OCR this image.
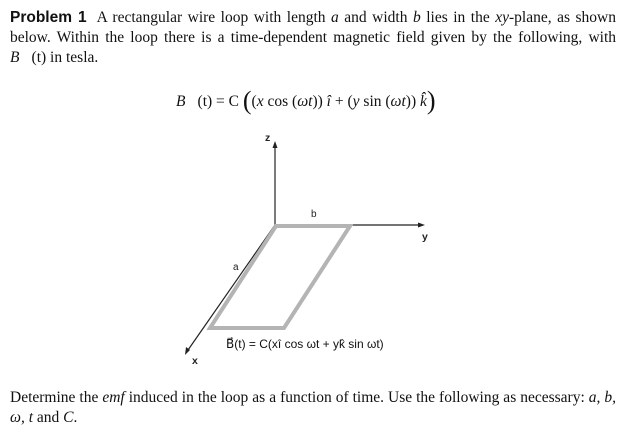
Problem 1 A rectangular wire loop with length a and width b lies in the xy-plane, as shown below. Within the loop there is a time-dependent magnetic field given by the following, with B(t) in tesla.
B(t) = C ((x cos (ωt)) î + (y sin (ωt)) k̂)
z
y
x
b
a
B⃗(t) = C(xî cos ωt + yk̂ sin ωt)
Determine the emf induced in the loop as a function of time. Use the following as necessary: a, b, ω, t and C.
